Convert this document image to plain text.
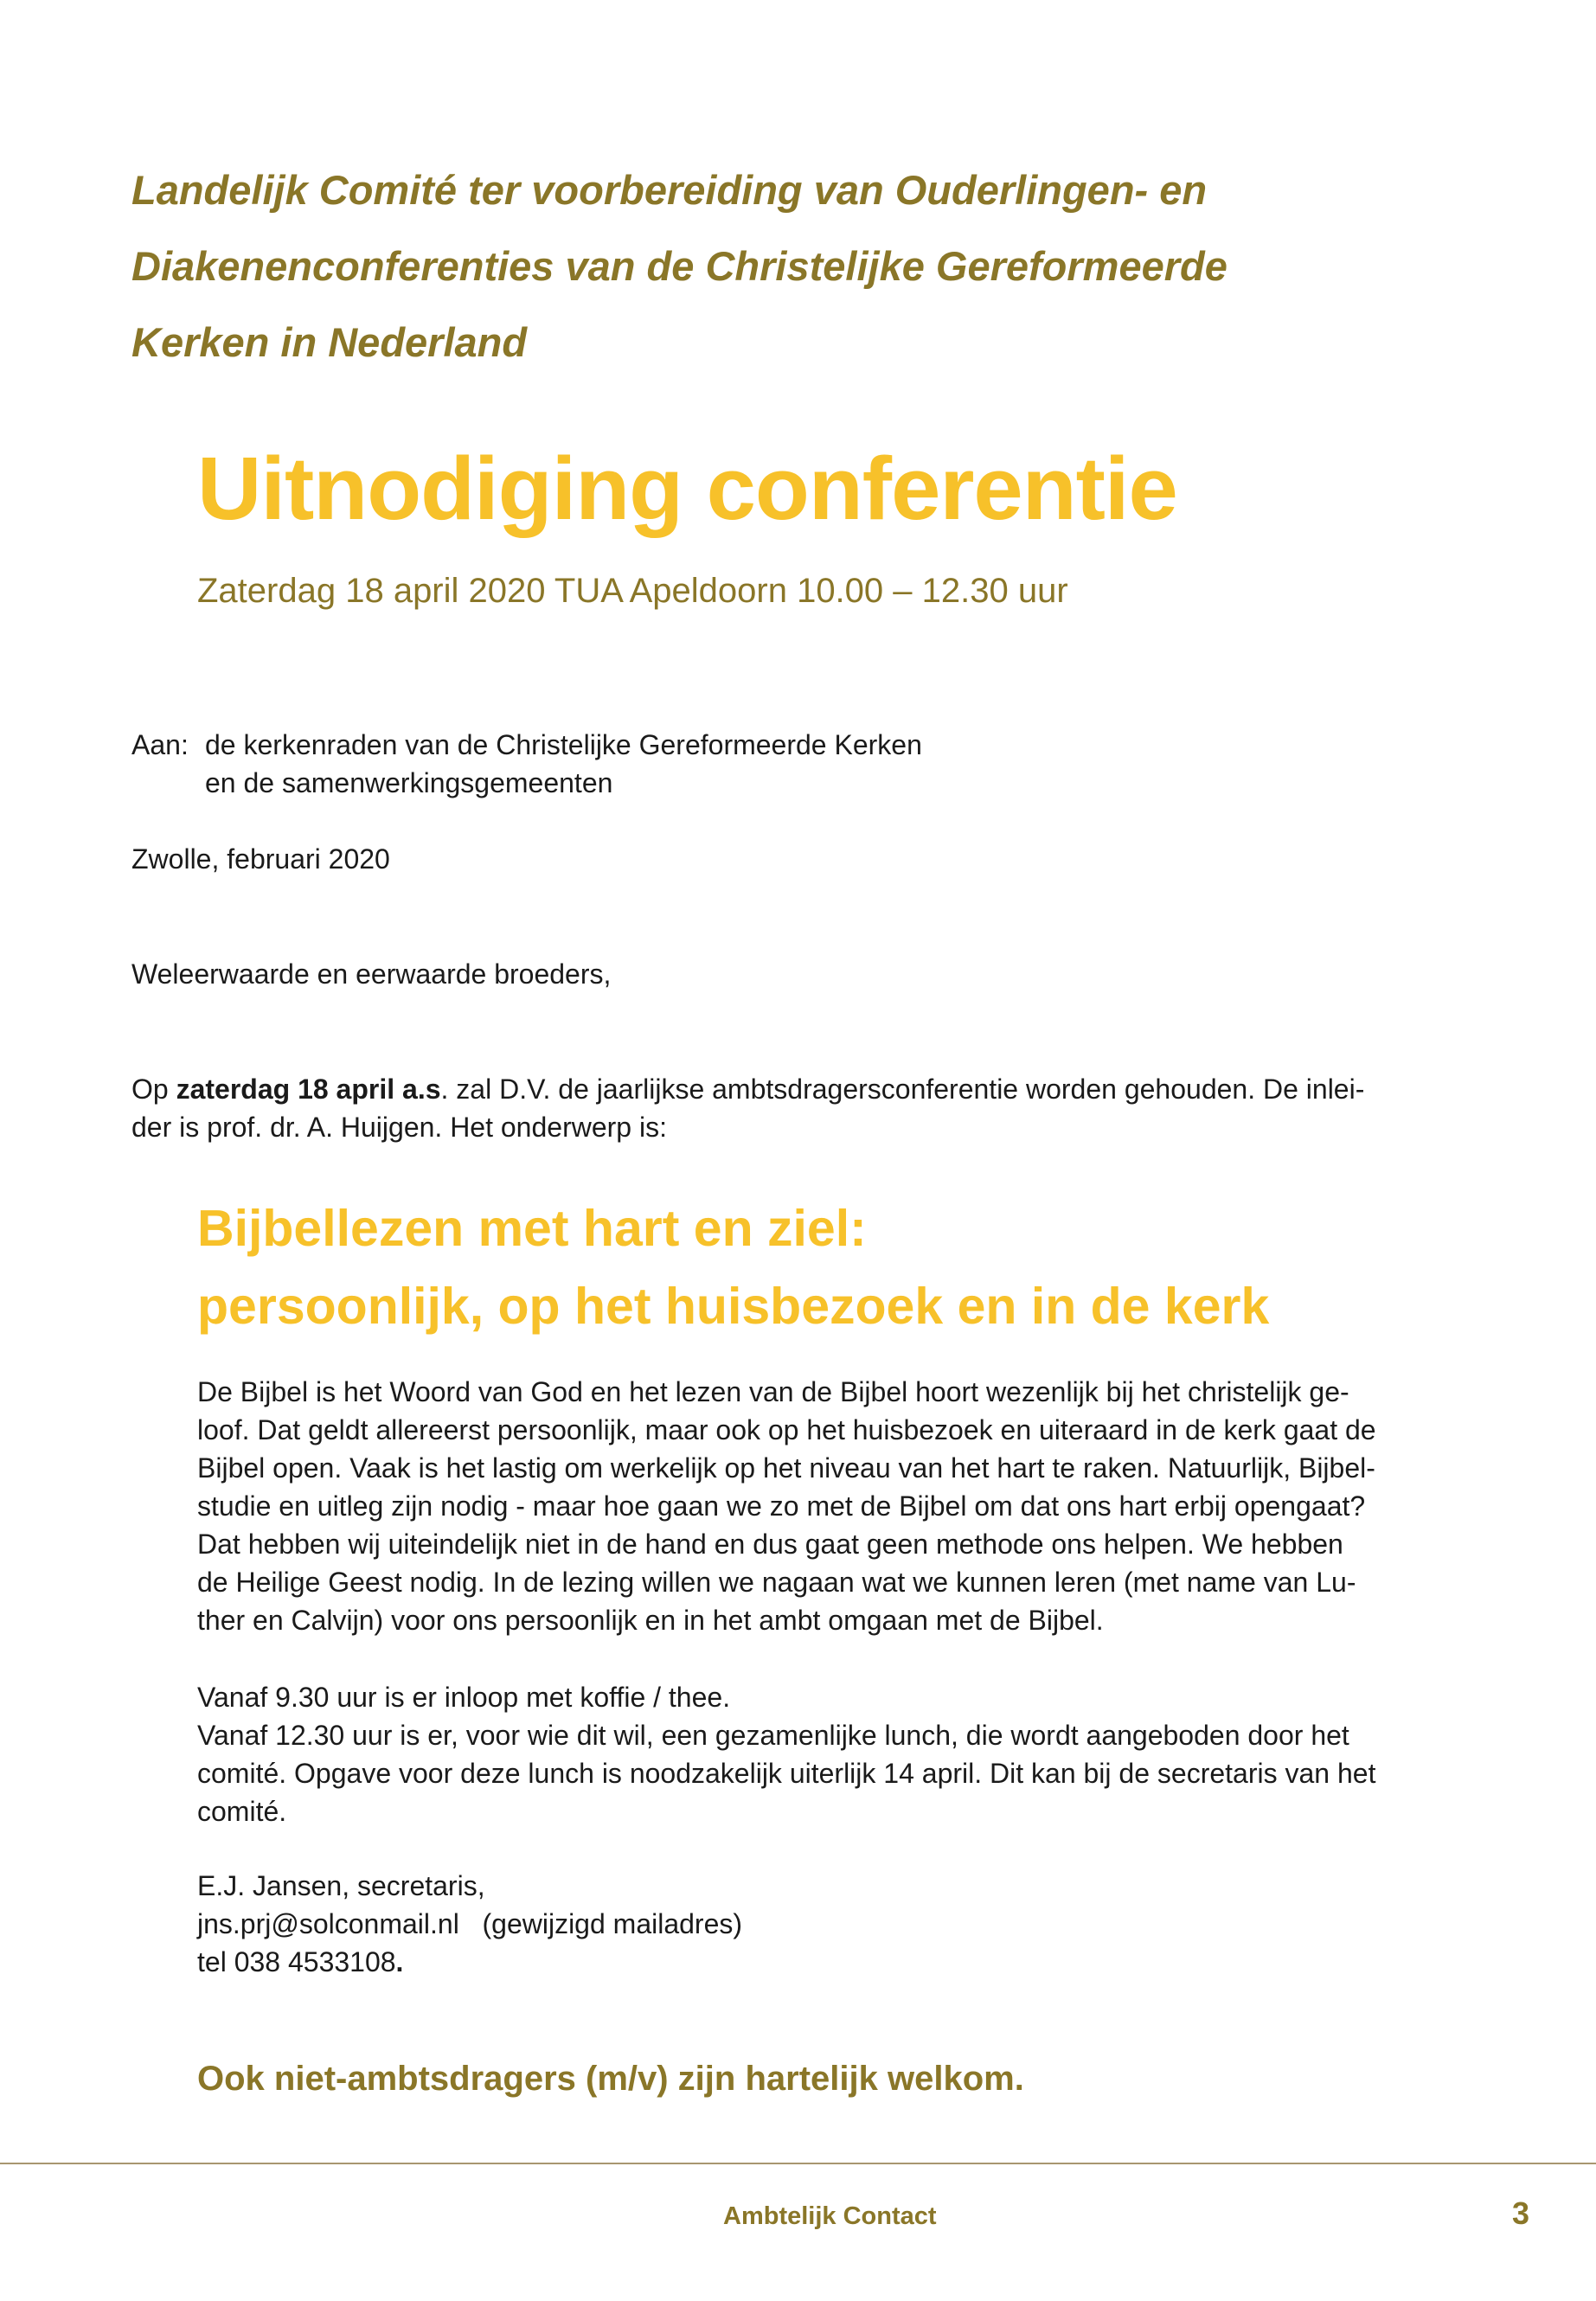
Landelijk Comité ter voorbereiding van Ouderlingen- en
Diakenenconferenties van de Christelijke Gereformeerde
Kerken in Nederland
Uitnodiging conferentie
Zaterdag 18 april 2020 TUA Apeldoorn 10.00 – 12.30 uur
Aan: de kerkenraden van de Christelijke Gereformeerde Kerken
en de samenwerkingsgemeenten
Zwolle, februari 2020
Weleerwaarde en eerwaarde broeders,
Op zaterdag 18 april a.s. zal D.V. de jaarlijkse ambtsdragersconferentie worden gehouden. De inlei-
der is prof. dr. A. Huijgen. Het onderwerp is:
Bijbellezen met hart en ziel:
persoonlijk, op het huisbezoek en in de kerk
De Bijbel is het Woord van God en het lezen van de Bijbel hoort wezenlijk bij het christelijk ge-
loof. Dat geldt allereerst persoonlijk, maar ook op het huisbezoek en uiteraard in de kerk gaat de
Bijbel open. Vaak is het lastig om werkelijk op het niveau van het hart te raken. Natuurlijk, Bijbel-
studie en uitleg zijn nodig - maar hoe gaan we zo met de Bijbel om dat ons hart erbij opengaat?
Dat hebben wij uiteindelijk niet in de hand en dus gaat geen methode ons helpen. We hebben
de Heilige Geest nodig. In de lezing willen we nagaan wat we kunnen leren (met name van Lu-
ther en Calvijn) voor ons persoonlijk en in het ambt omgaan met de Bijbel.
Vanaf 9.30 uur is er inloop met koffie / thee.
Vanaf 12.30 uur is er, voor wie dit wil, een gezamenlijke lunch, die wordt aangeboden door het
comité. Opgave voor deze lunch is noodzakelijk uiterlijk 14 april. Dit kan bij de secretaris van het
comité.
E.J. Jansen, secretaris,
jns.prj@solconmail.nl (gewijzigd mailadres)
tel 038 4533108.
Ook niet-ambtsdragers (m/v) zijn hartelijk welkom.
Ambtelijk Contact	3
